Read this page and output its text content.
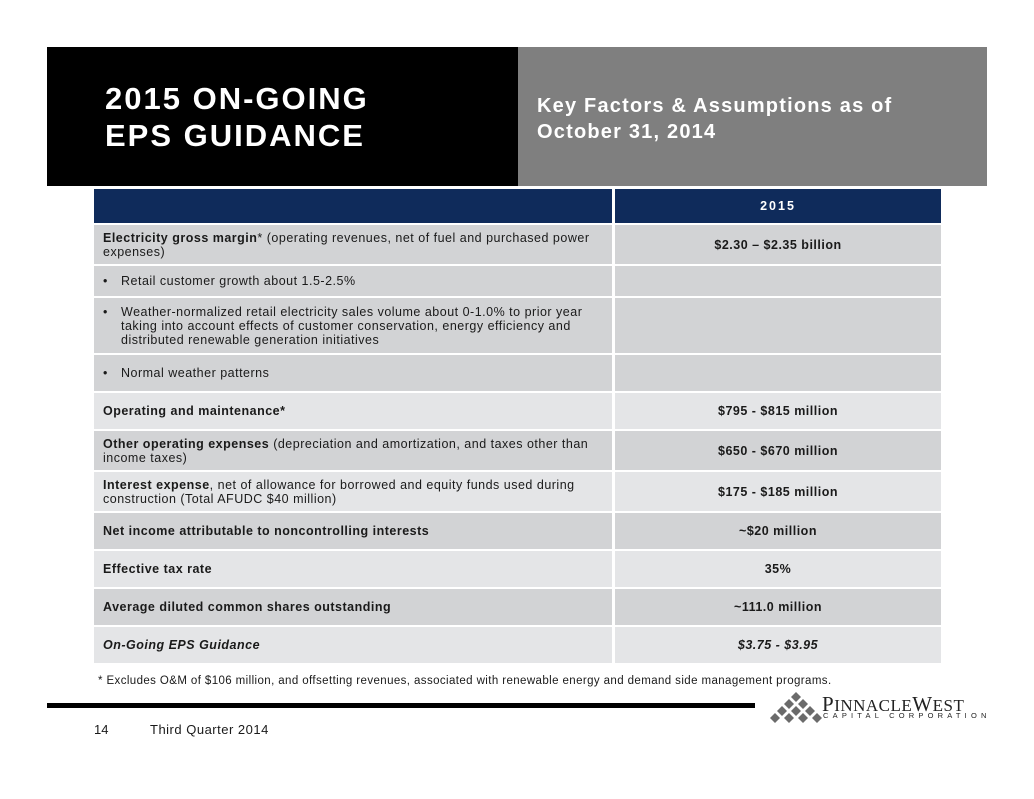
2015 ON-GOING
EPS GUIDANCE
Key Factors & Assumptions as of
October 31, 2014
	2015
Electricity gross margin* (operating revenues, net of fuel and purchased power expenses)	$2.30 – $2.35 billion

• Retail customer growth about 1.5-2.5%	

• Weather-normalized retail electricity sales volume about 0-1.0% to prior year taking into account effects of customer conservation, energy efficiency and distributed renewable generation initiatives	

• Normal weather patterns	

Operating and maintenance*	$795 - $815 million
Other operating expenses (depreciation and amortization, and taxes other than income taxes)	$650 - $670 million
Interest expense, net of allowance for borrowed and equity funds used during construction (Total AFUDC $40 million)	$175 - $185 million
Net income attributable to noncontrolling interests	~$20 million
Effective tax rate	35%
Average diluted common shares outstanding	~111.0 million
On-Going EPS Guidance	$3.75 - $3.95
* Excludes O&M of $106 million, and offsetting revenues, associated with renewable energy and demand side management programs.
14	Third Quarter 2014
PINNACLEWEST
CAPITAL CORPORATION
